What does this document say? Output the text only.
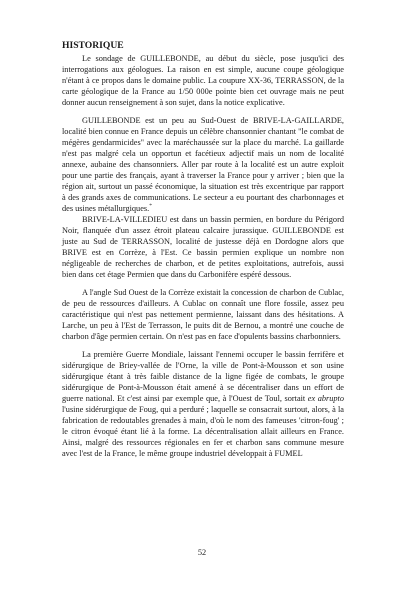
HISTORIQUE

Le sondage de GUILLEBONDE, au début du siècle, pose jusqu'ici des interrogations aux géologues. La raison en est simple, aucune coupe géologique n'étant à ce propos dans le domaine public. La coupure XX-36, TERRASSON, de la carte géologique de la France au 1/50 000e pointe bien cet ouvrage mais ne peut donner aucun renseignement à son sujet, dans la notice explicative.

GUILLEBONDE est un peu au Sud-Ouest de BRIVE-LA-GAILLARDE, localité bien connue en France depuis un célèbre chansonnier chantant "le combat de mégères gendarmicides" avec la maréchaussée sur la place du marché. La gaillarde n'est pas malgré cela un opportun et facétieux adjectif mais un nom de localité annexe, aubaine des chansonniers. Aller par route à la localité est un autre exploit pour une partie des français, ayant à traverser la France pour y arriver ; bien que la région ait, surtout un passé économique, la situation est très excentrique par rapport à des grands axes de communications. Le secteur a eu pourtant des charbonnages et des usines métallurgiques.*

BRIVE-LA-VILLEDIEU est dans un bassin permien, en bordure du Périgord Noir, flanquée d'un assez étroit plateau calcaire jurassique. GUILLEBONDE est juste au Sud de TERRASSON, localité de justesse déjà en Dordogne alors que BRIVE est en Corrèze, à l'Est. Ce bassin permien explique un nombre non négligeable de recherches de charbon, et de petites exploitations, autrefois, aussi bien dans cet étage Permien que dans du Carbonifère espéré dessous.

A l'angle Sud Ouest de la Corrèze existait la concession de charbon de Cublac, de peu de ressources d'ailleurs. A Cublac on connaît une flore fossile, assez peu caractéristique qui n'est pas nettement permienne, laissant dans des hésitations. A Larche, un peu à l'Est de Terrasson, le puits dit de Bernou, a montré une couche de charbon d'âge permien certain. On n'est pas en face d'opulents bassins charbonniers.

La première Guerre Mondiale, laissant l'ennemi occuper le bassin ferrifère et sidérurgique de Briey-vallée de l'Orne, la ville de Pont-à-Mousson et son usine sidérurgique étant à très faible distance de la ligne figée de combats, le groupe sidérurgique de Pont-à-Mousson était amené à se décentraliser dans un effort de guerre national. Et c'est ainsi par exemple que, à l'Ouest de Toul, sortait ex abrupto l'usine sidérurgique de Foug, qui a perduré ; laquelle se consacrait surtout, alors, à la fabrication de redoutables grenades à main, d'où le nom des fameuses 'citron-foug' ; le citron évoqué étant lié à la forme. La décentralisation allait ailleurs en France. Ainsi, malgré des ressources régionales en fer et charbon sans commune mesure avec l'est de la France, le même groupe industriel développait à FUMEL

52
